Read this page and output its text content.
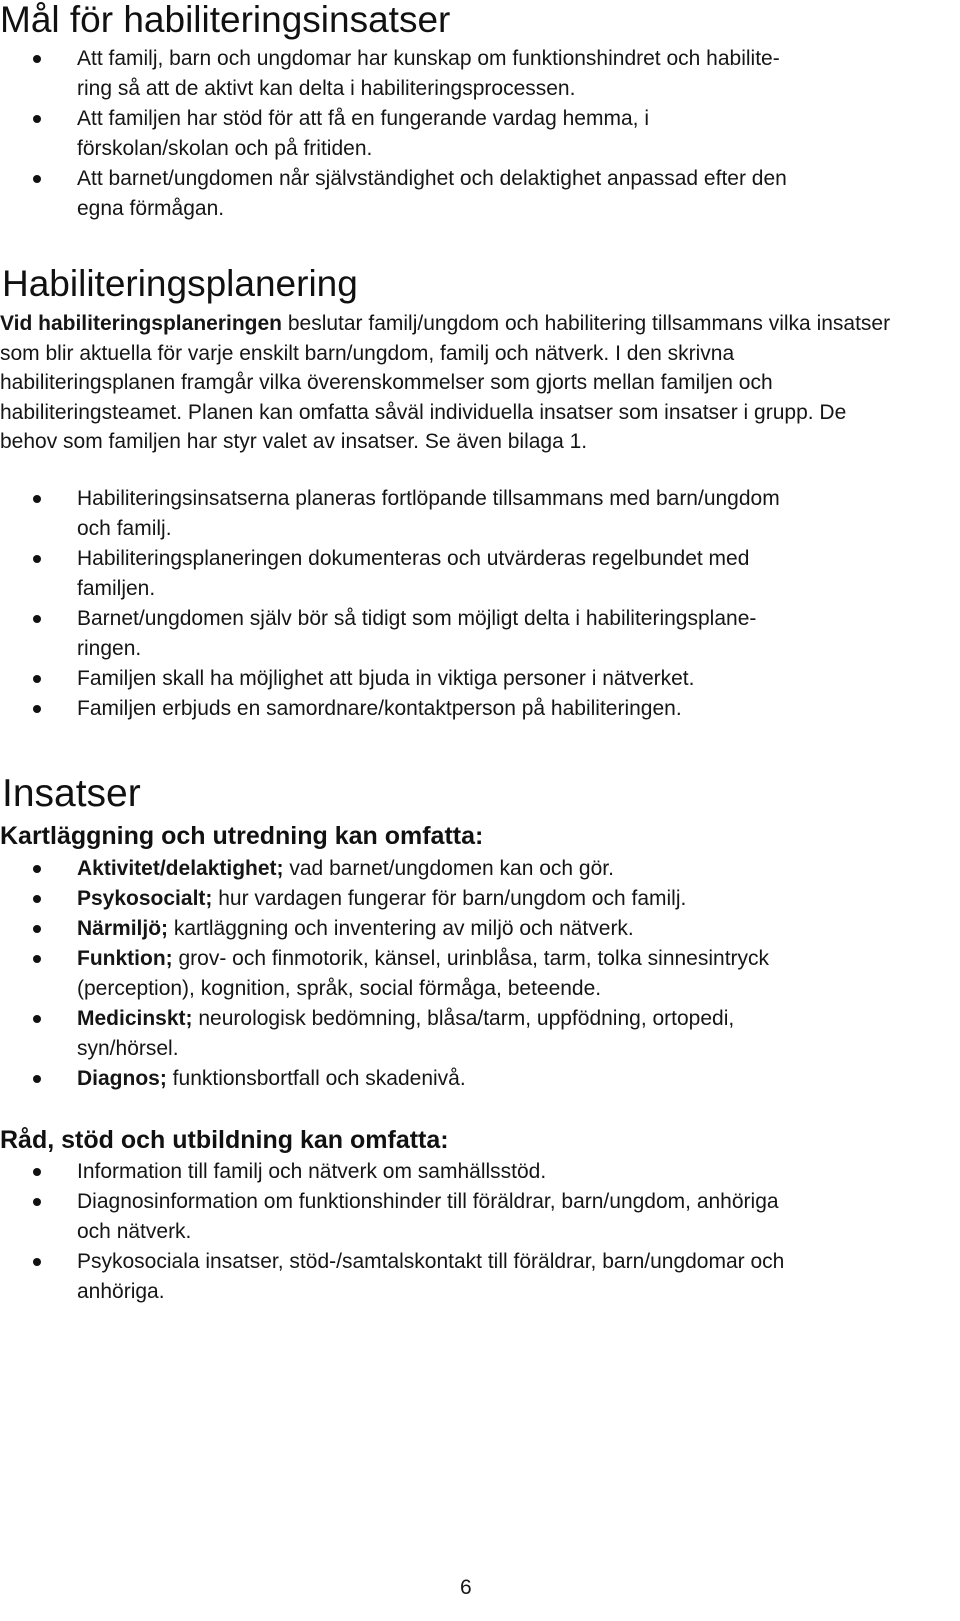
Mål för habiliteringsinsatser
Att familj, barn och ungdomar har kunskap om funktionshindret och habilite-
ring så att de aktivt kan delta i habiliteringsprocessen.
Att familjen har stöd för att få en fungerande vardag hemma, i
förskolan/skolan och på fritiden.
Att barnet/ungdomen når självständighet och delaktighet anpassad efter den
egna förmågan.
Habiliteringsplanering
Vid habiliteringsplaneringen beslutar familj/ungdom och habilitering tillsammans vilka insatser som blir aktuella för varje enskilt barn/ungdom, familj och nätverk. I den skrivna habiliteringsplanen framgår vilka överenskommelser som gjorts mellan familjen och habiliteringsteamet. Planen kan omfatta såväl individuella insatser som insatser i grupp. De behov som familjen har styr valet av insatser. Se även bilaga 1.
Habiliteringsinsatserna planeras fortlöpande tillsammans med barn/ungdom
och familj.
Habiliteringsplaneringen dokumenteras och utvärderas regelbundet med
familjen.
Barnet/ungdomen själv bör så tidigt som möjligt delta i habiliteringsplane-
ringen.
Familjen skall ha möjlighet att bjuda in viktiga personer i nätverket.
Familjen erbjuds en samordnare/kontaktperson på habiliteringen.
Insatser
Kartläggning och utredning kan omfatta:
Aktivitet/delaktighet; vad barnet/ungdomen kan och gör.
Psykosocialt; hur vardagen fungerar för barn/ungdom och familj.
Närmiljö; kartläggning och inventering av miljö och nätverk.
Funktion; grov- och finmotorik, känsel, urinblåsa, tarm, tolka sinnesintryck
(perception), kognition, språk, social förmåga, beteende.
Medicinskt; neurologisk bedömning, blåsa/tarm, uppfödning, ortopedi,
syn/hörsel.
Diagnos; funktionsbortfall och skadenivå.
Råd, stöd och utbildning kan omfatta:
Information till familj och nätverk om samhällsstöd.
Diagnosinformation om funktionshinder till föräldrar, barn/ungdom, anhöriga
och nätverk.
Psykosociala insatser, stöd-/samtalskontakt till föräldrar, barn/ungdomar och
anhöriga.
6
